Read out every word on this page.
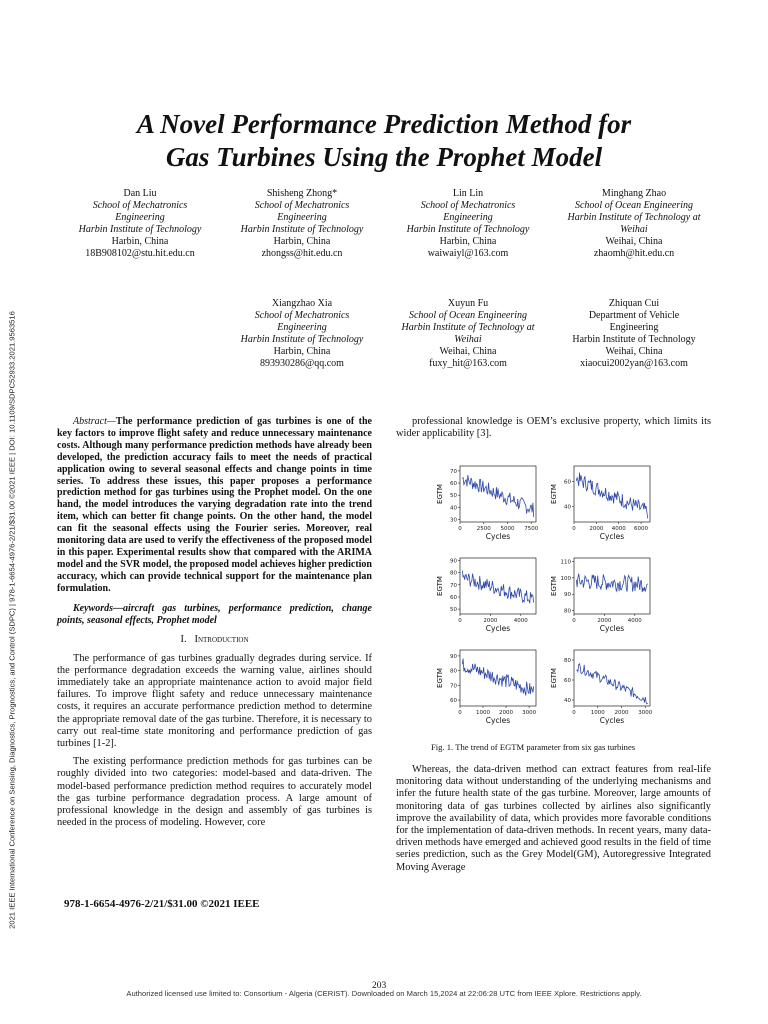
2021 IEEE International Conference on Sensing, Diagnostics, Prognostics, and Control (SDPC) | 978-1-6654-4976-2/21/$31.00 ©2021 IEEE | DOI: 10.1109/SDPC52933.2021.9563516
A Novel Performance Prediction Method for
Gas Turbines Using the Prophet Model
Dan Liu
School of Mechatronics
Engineering
Harbin Institute of Technology
Harbin, China
18B908102@stu.hit.edu.cn
Shisheng Zhong*
School of Mechatronics
Engineering
Harbin Institute of Technology
Harbin, China
zhongss@hit.edu.cn
Lin Lin
School of Mechatronics
Engineering
Harbin Institute of Technology
Harbin, China
waiwaiyl@163.com
Minghang Zhao
School of Ocean Engineering
Harbin Institute of Technology at
Weihai
Weihai, China
zhaomh@hit.edu.cn
Xiangzhao Xia
School of Mechatronics
Engineering
Harbin Institute of Technology
Harbin, China
893930286@qq.com
Xuyun Fu
School of Ocean Engineering
Harbin Institute of Technology at
Weihai
Weihai, China
fuxy_hit@163.com
Zhiquan Cui
Department of Vehicle
Engineering
Harbin Institute of Technology
Weihai, China
xiaocui2002yan@163.com
Abstract—The performance prediction of gas turbines is one of the key factors to improve flight safety and reduce unnecessary maintenance costs. Although many performance prediction methods have already been developed, the prediction accuracy fails to meet the needs of practical application owing to several seasonal effects and change points in time series. To address these issues, this paper proposes a performance prediction method for gas turbines using the Prophet model. On the one hand, the model introduces the varying degradation rate into the trend item, which can better fit change points. On the other hand, the model can fit the seasonal effects using the Fourier series. Moreover, real monitoring data are used to verify the effectiveness of the proposed model in this paper. Experimental results show that compared with the ARIMA model and the SVR model, the proposed model achieves higher prediction accuracy, which can provide technical support for the maintenance plan formulation.
Keywords—aircraft gas turbines, performance prediction, change points, seasonal effects, Prophet model
I. Introduction

The performance of gas turbines gradually degrades during service. If the performance degradation exceeds the warning value, airlines should immediately take an appropriate maintenance action to avoid major field failures. To improve flight safety and reduce unnecessary maintenance costs, it requires an accurate performance prediction method to determine the appropriate removal date of the gas turbine. Therefore, it is necessary to carry out real-time state monitoring and performance prediction of gas turbines [1-2].

The existing performance prediction methods for gas turbines can be roughly divided into two categories: model-based and data-driven. The model-based performance prediction method requires to accurately model the gas turbine performance degradation process. A large amount of professional knowledge in the design and assembly of gas turbines is needed in the process of modeling. However, core

978-1-6654-4976-2/21/$31.00 ©2021 IEEE

professional knowledge is OEM’s exclusive property, which limits its wider applicability [3].

0	2500 5000 7500
30
40
50
60
70
Cycles
EGTM
0 2000 4000 6000
40
60
Cycles
EGTM
0	2000	4000
50
60
70
80
90
Cycles
EGTM
0	2000	4000
80
90
100
110
Cycles
EGTM
0	1000 2000 3000
60
70
80
90
Cycles
EGTM
0	1000 2000 3000
40
60
80
Cycles
EGTM
Fig. 1. The trend of EGTM parameter from six gas turbines

Whereas, the data-driven method can extract features from real-life monitoring data without understanding of the underlying mechanisms and infer the future health state of the gas turbine. Moreover, large amounts of monitoring data of gas turbines collected by airlines also significantly improve the availability of data, which provides more favorable conditions for the implementation of data-driven methods. In recent years, many data-driven methods have emerged and achieved good results in the field of time series prediction, such as the Grey Model(GM), Autoregressive Integrated Moving Average

203
Authorized licensed use limited to: Consortium - Algeria (CERIST). Downloaded on March 15,2024 at 22:06:28 UTC from IEEE Xplore. Restrictions apply.
